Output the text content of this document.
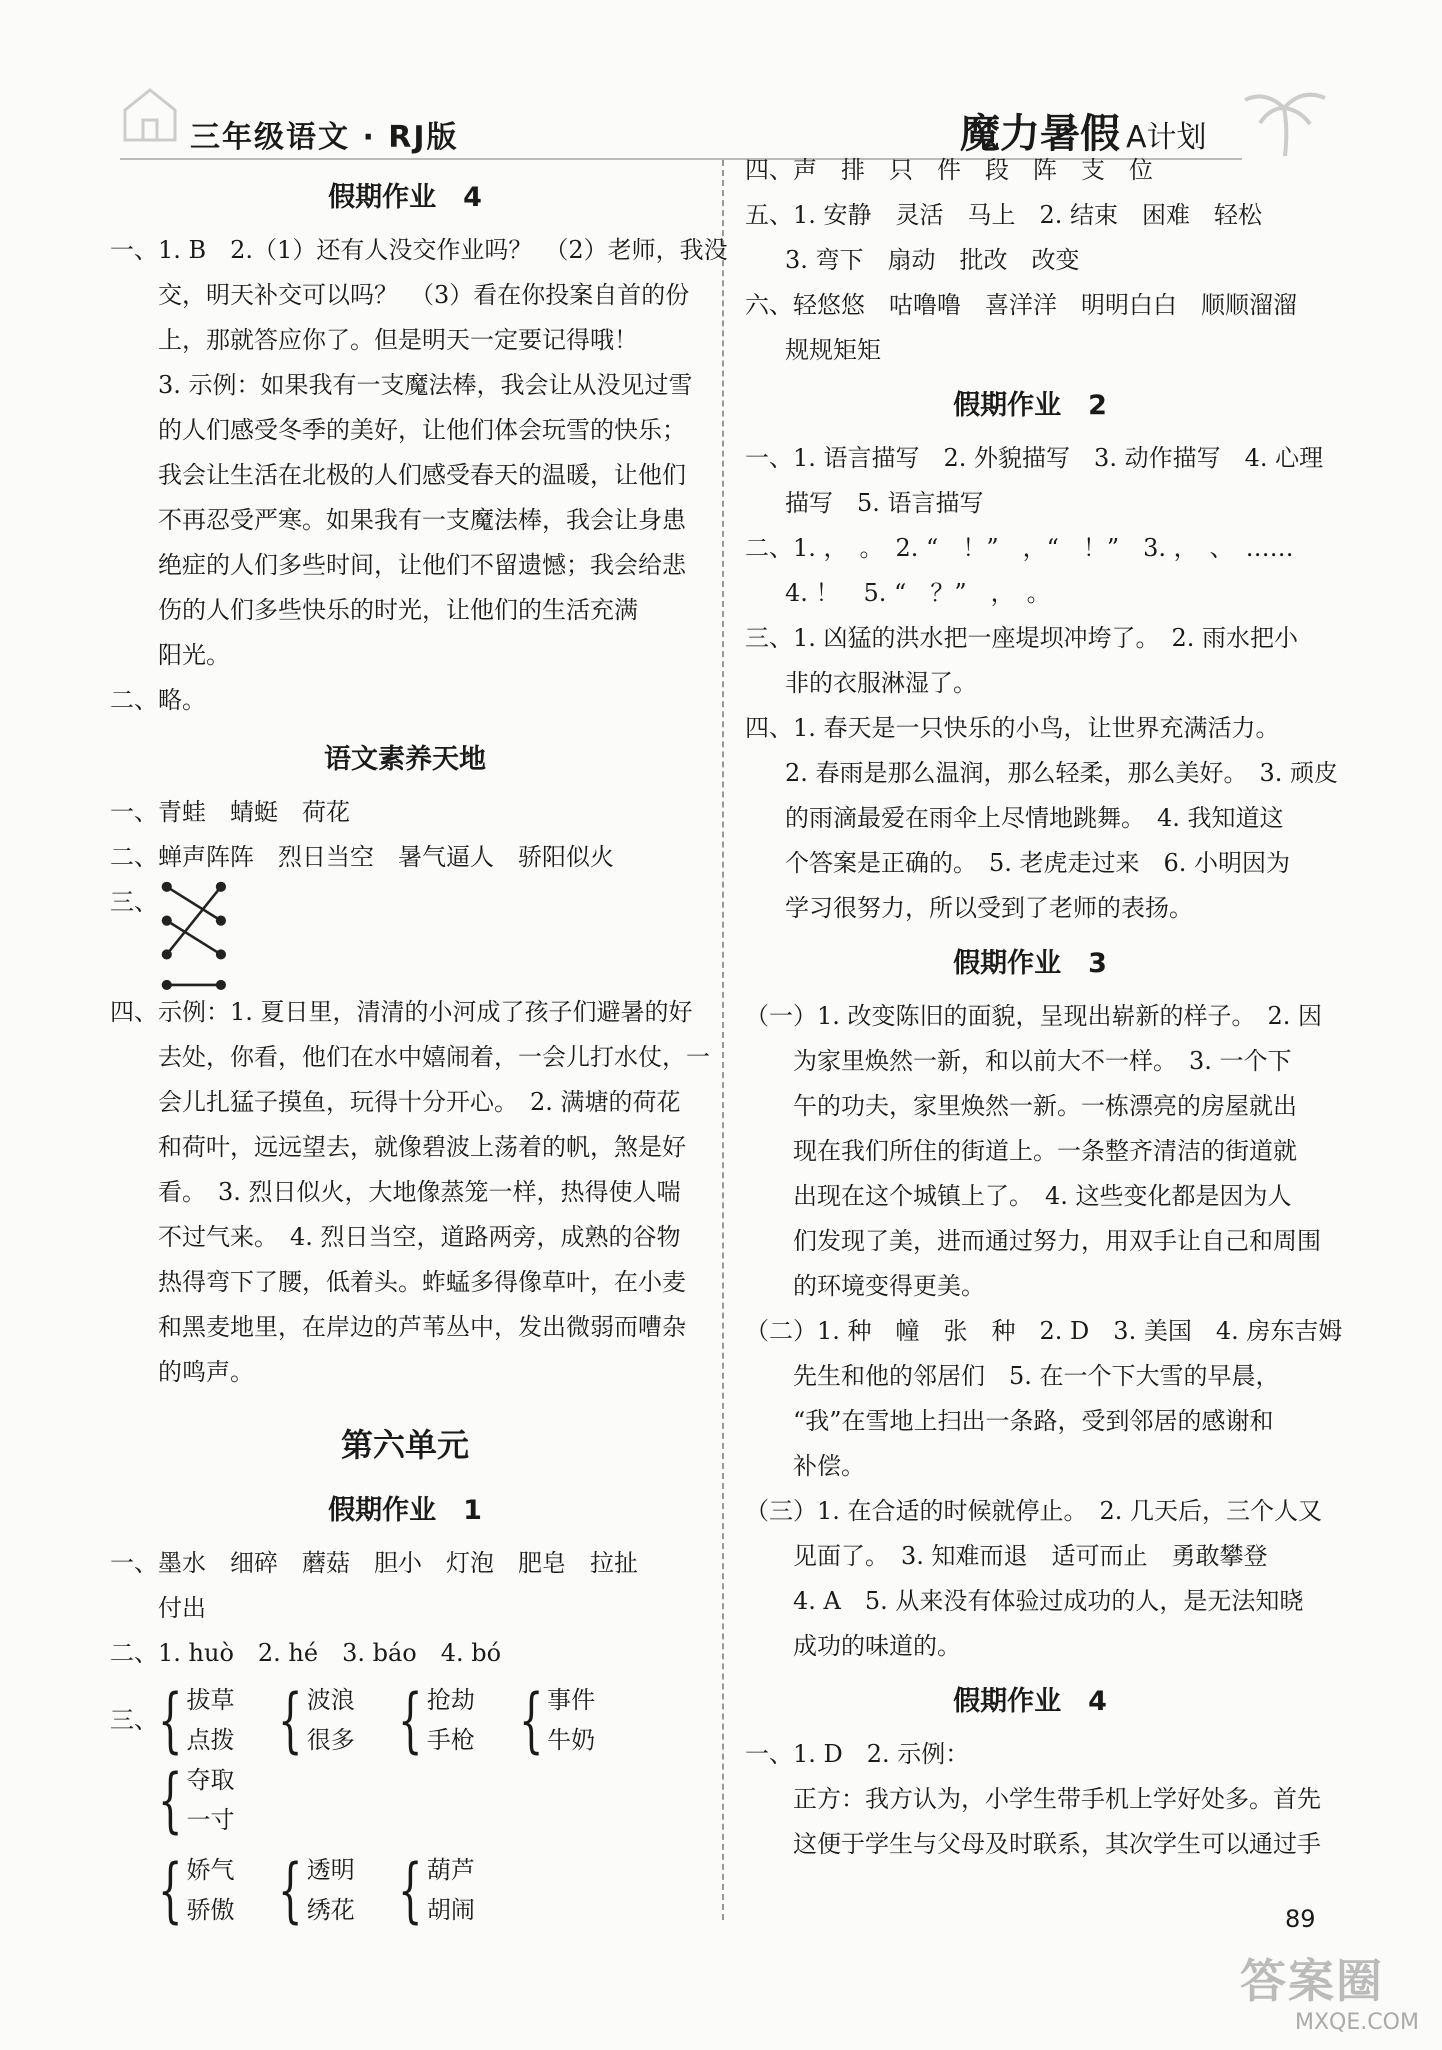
三年级语文 · RJ版	魔力暑假 A计划
假期作业　4
一、1. B　2.（1）还有人没交作业吗？　（2）老师，我没
交，明天补交可以吗？　（3）看在你投案自首的份
上，那就答应你了。但是明天一定要记得哦！
3. 示例：如果我有一支魔法棒，我会让从没见过雪
的人们感受冬季的美好，让他们体会玩雪的快乐；
我会让生活在北极的人们感受春天的温暖，让他们
不再忍受严寒。如果我有一支魔法棒，我会让身患
绝症的人们多些时间，让他们不留遗憾；我会给悲
伤的人们多些快乐的时光，让他们的生活充满
阳光。
二、略。
语文素养天地
一、青蛙　蜻蜓　荷花
二、蝉声阵阵　烈日当空　暑气逼人　骄阳似火
三、
四、示例：1. 夏日里，清清的小河成了孩子们避暑的好
去处，你看，他们在水中嬉闹着，一会儿打水仗，一
会儿扎猛子摸鱼，玩得十分开心。　2. 满塘的荷花
和荷叶，远远望去，就像碧波上荡着的帆，煞是好
看。　3. 烈日似火，大地像蒸笼一样，热得使人喘
不过气来。　4. 烈日当空，道路两旁，成熟的谷物
热得弯下了腰，低着头。蚱蜢多得像草叶，在小麦
和黑麦地里，在岸边的芦苇丛中，发出微弱而嘈杂
的鸣声。
第六单元
假期作业　1
一、墨水　细碎　蘑菇　胆小　灯泡　肥皂　拉扯
付出
二、1. huò　2. hé　3. báo　4. bó
三、 { 拔草
点拨 { 波浪
很多 { 抢劫
手枪 { 事件
牛奶
{ 夺取
一寸
{ 娇气
骄傲 { 透明
绣花 { 葫芦
胡闹
四、声　排　只　件　段　阵　支　位
五、1. 安静　灵活　马上　2. 结束　困难　轻松
3. 弯下　扇动　批改　改变
六、轻悠悠　咕噜噜　喜洋洋　明明白白　顺顺溜溜
规规矩矩
假期作业　2
一、1. 语言描写　2. 外貌描写　3. 动作描写　4. 心理
描写　5. 语言描写
二、1. ，　。　2. “　！”　，“　！”　3. ，　、　……
4. ！　5. “　？”　，　。
三、1. 凶猛的洪水把一座堤坝冲垮了。　2. 雨水把小
非的衣服淋湿了。
四、1. 春天是一只快乐的小鸟，让世界充满活力。
2. 春雨是那么温润，那么轻柔，那么美好。　3. 顽皮
的雨滴最爱在雨伞上尽情地跳舞。　4. 我知道这
个答案是正确的。　5. 老虎走过来　6. 小明因为
学习很努力，所以受到了老师的表扬。
假期作业　3
（一）1. 改变陈旧的面貌，呈现出崭新的样子。　2. 因
为家里焕然一新，和以前大不一样。　3. 一个下
午的功夫，家里焕然一新。一栋漂亮的房屋就出
现在我们所住的街道上。一条整齐清洁的街道就
出现在这个城镇上了。　4. 这些变化都是因为人
们发现了美，进而通过努力，用双手让自己和周围
的环境变得更美。
（二）1. 种　幢　张　种　2. D　3. 美国　4. 房东吉姆
先生和他的邻居们　5. 在一个下大雪的早晨，
“我”在雪地上扫出一条路，受到邻居的感谢和
补偿。
（三）1. 在合适的时候就停止。　2. 几天后，三个人又
见面了。　3. 知难而退　适可而止　勇敢攀登
4. A　5. 从来没有体验过成功的人，是无法知晓
成功的味道的。
假期作业　4
一、1. D　2. 示例：
正方：我方认为，小学生带手机上学好处多。首先
这便于学生与父母及时联系，其次学生可以通过手
89
答案圈
MXQE.COM
